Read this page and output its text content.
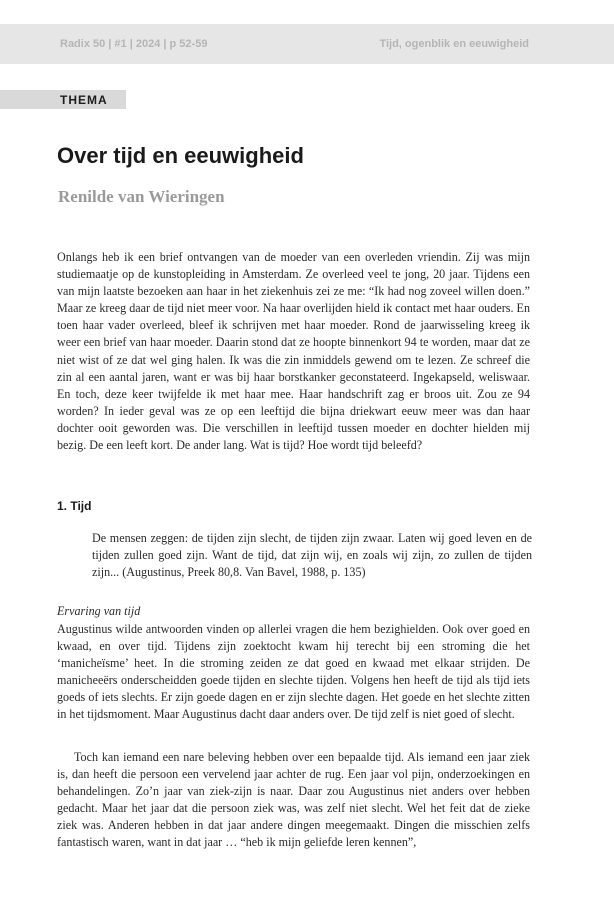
Radix 50 | #1 | 2024 | p 52-59	Tijd, ogenblik en eeuwigheid
THEMA
Over tijd en eeuwigheid
Renilde van Wieringen

Onlangs heb ik een brief ontvangen van de moeder van een overleden vriendin. Zij was mijn studiemaatje op de kunstopleiding in Amsterdam. Ze overleed veel te jong, 20 jaar. Tijdens een van mijn laatste bezoeken aan haar in het ziekenhuis zei ze me: “Ik had nog zoveel willen doen.” Maar ze kreeg daar de tijd niet meer voor. Na haar overlijden hield ik contact met haar ouders. En toen haar vader overleed, bleef ik schrijven met haar moeder. Rond de jaarwisseling kreeg ik weer een brief van haar moeder. Daarin stond dat ze hoopte binnenkort 94 te worden, maar dat ze niet wist of ze dat wel ging halen. Ik was die zin inmiddels gewend om te lezen. Ze schreef die zin al een aantal jaren, want er was bij haar borstkanker geconstateerd. Ingekapseld, weliswaar. En toch, deze keer twijfelde ik met haar mee. Haar handschrift zag er broos uit. Zou ze 94 worden? In ieder geval was ze op een leeftijd die bijna driekwart eeuw meer was dan haar dochter ooit geworden was. Die verschillen in leeftijd tussen moeder en dochter hielden mij bezig. De een leeft kort. De ander lang. Wat is tijd? Hoe wordt tijd beleefd?

1. Tijd

De mensen zeggen: de tijden zijn slecht, de tijden zijn zwaar. Laten wij goed leven en de tijden zullen goed zijn. Want de tijd, dat zijn wij, en zoals wij zijn, zo zullen de tijden zijn... (Augustinus, Preek 80,8. Van Bavel, 1988, p. 135)

Ervaring van tijd

Augustinus wilde antwoorden vinden op allerlei vragen die hem bezighielden. Ook over goed en kwaad, en over tijd. Tijdens zijn zoektocht kwam hij terecht bij een stroming die het ‘manicheïsme’ heet. In die stroming zeiden ze dat goed en kwaad met elkaar strijden. De manicheeërs onderscheidden goede tijden en slechte tijden. Volgens hen heeft de tijd als tijd iets goeds of iets slechts. Er zijn goede dagen en er zijn slechte dagen. Het goede en het slechte zitten in het tijdsmoment. Maar Augustinus dacht daar anders over. De tijd zelf is niet goed of slecht.

Toch kan iemand een nare beleving hebben over een bepaalde tijd. Als iemand een jaar ziek is, dan heeft die persoon een vervelend jaar achter de rug. Een jaar vol pijn, onderzoekingen en behandelingen. Zo’n jaar van ziek-zijn is naar. Daar zou Augustinus niet anders over hebben gedacht. Maar het jaar dat die persoon ziek was, was zelf niet slecht. Wel het feit dat de zieke ziek was. Anderen hebben in dat jaar andere dingen meegemaakt. Dingen die misschien zelfs fantastisch waren, want in dat jaar … “heb ik mijn geliefde leren kennen”,
